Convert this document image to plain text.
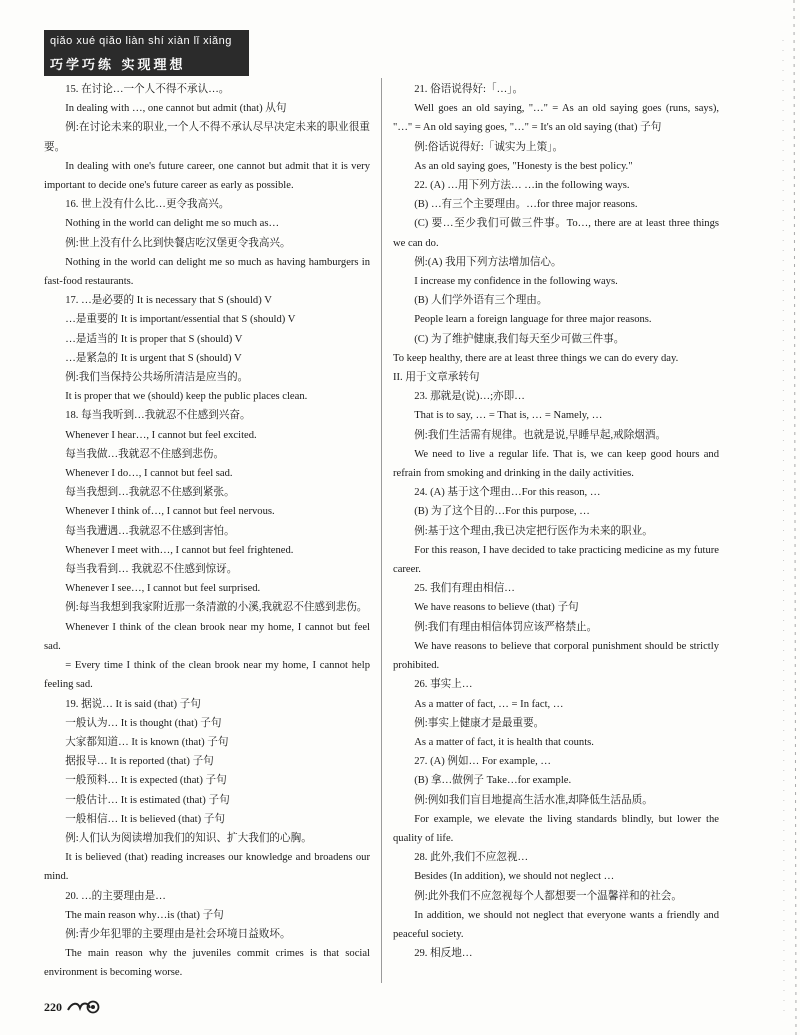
qiǎo xué qiǎo liàn shí xiàn lǐ xiǎng
巧学巧练 实现理想

15. 在讨论…一个人不得不承认…。

In dealing with …, one cannot but admit (that) 从句

例:在讨论未来的职业,一个人不得不承认尽早决定未来的职业很重要。

In dealing with one's future career, one cannot but admit that it is very important to decide one's future career as early as possible.

16. 世上没有什么比…更令我高兴。

Nothing in the world can delight me so much as…

例:世上没有什么比到快餐店吃汉堡更令我高兴。

Nothing in the world can delight me so much as having hamburgers in fast-food restaurants.

17. …是必要的 It is necessary that S (should) V

…是重要的 It is important/essential that S (should) V

…是适当的 It is proper that S (should) V

…是紧急的 It is urgent that S (should) V

例:我们当保持公共场所清洁是应当的。

It is proper that we (should) keep the public places clean.

18. 每当我听到…我就忍不住感到兴奋。

Whenever I hear…, I cannot but feel excited.

每当我做…我就忍不住感到悲伤。

Whenever I do…, I cannot but feel sad.

每当我想到…我就忍不住感到紧张。

Whenever I think of…, I cannot but feel nervous.

每当我遭遇…我就忍不住感到害怕。

Whenever I meet with…, I cannot but feel frightened.

每当我看到… 我就忍不住感到惊讶。

Whenever I see…, I cannot but feel surprised.

例:每当我想到我家附近那一条清澈的小溪,我就忍不住感到悲伤。

Whenever I think of the clean brook near my home, I cannot but feel sad.

= Every time I think of the clean brook near my home, I cannot help feeling sad.

19. 据说… It is said (that) 子句

一般认为… It is thought (that) 子句

大家都知道… It is known (that) 子句

据报导… It is reported (that) 子句

一般预料… It is expected (that) 子句

一般估计… It is estimated (that) 子句

一般相信… It is believed (that) 子句

例:人们认为阅读增加我们的知识、扩大我们的心胸。

It is believed (that) reading increases our knowledge and broadens our mind.

20. …的主要理由是…

The main reason why…is (that) 子句

例:青少年犯罪的主要理由是社会环境日益败坏。

The main reason why the juveniles commit crimes is that social environment is becoming worse.

21. 俗语说得好:「…」。

Well goes an old saying, "…" = As an old saying goes (runs, says), "…" = An old saying goes, "…" = It's an old saying (that) 子句

例:俗话说得好:「诚实为上策」。

As an old saying goes, "Honesty is the best policy."

22. (A) …用下列方法… …in the following ways.

(B) …有三个主要理由。…for three major reasons.

(C) 要…至少我们可做三件事。To…, there are at least three things we can do.

例:(A) 我用下列方法增加信心。

I increase my confidence in the following ways.

(B) 人们学外语有三个理由。

People learn a foreign language for three major reasons.

(C) 为了维护健康,我们每天至少可做三件事。

To keep healthy, there are at least three things we can do every day.

II. 用于文章承转句

23. 那就是(说)…;亦即…

That is to say, … = That is, … = Namely, …

例:我们生活需有规律。也就是说,早睡早起,戒除烟酒。

We need to live a regular life. That is, we can keep good hours and refrain from smoking and drinking in the daily activities.

24. (A) 基于这个理由…For this reason, …

(B) 为了这个目的…For this purpose, …

例:基于这个理由,我已决定把行医作为未来的职业。

For this reason, I have decided to take practicing medicine as my future career.

25. 我们有理由相信…

We have reasons to believe (that) 子句

例:我们有理由相信体罚应该严格禁止。

We have reasons to believe that corporal punishment should be strictly prohibited.

26. 事实上…

As a matter of fact, … = In fact, …

例:事实上健康才是最重要。

As a matter of fact, it is health that counts.

27. (A) 例如… For example, …

(B) 拿…做例子 Take…for example.

例:例如我们盲目地提高生活水准,却降低生活品质。

For example, we elevate the living standards blindly, but lower the quality of life.

28. 此外,我们不应忽视…

Besides (In addition), we should not neglect …

例:此外我们不应忽视每个人都想要一个温馨祥和的社会。

In addition, we should not neglect that everyone wants a friendly and peaceful society.

29. 相反地…

220
